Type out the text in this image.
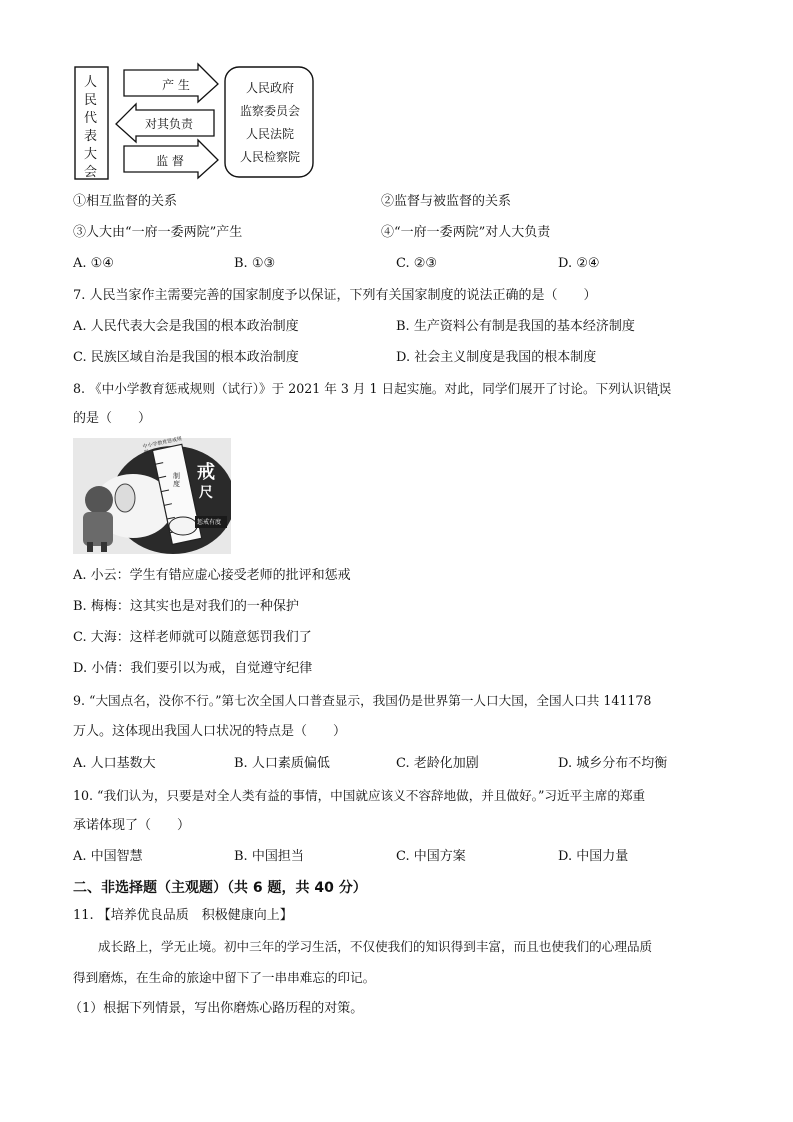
人民代表大会
产 生
对其负责
监 督
人民政府
监察委员会
人民法院
人民检察院
①相互监督的关系	②监督与被监督的关系
③人大由“一府一委两院”产生	④“一府一委两院”对人大负责
A. ①④	B. ①③	C. ②③	D. ②④
7. 人民当家作主需要完善的国家制度予以保证，下列有关国家制度的说法正确的是（　　）
A. 人民代表大会是我国的根本政治制度	B. 生产资料公有制是我国的基本经济制度
C. 民族区域自治是我国的根本政治制度	D. 社会主义制度是我国的根本制度
8. 《中小学教育惩戒规则（试行）》于 2021 年 3 月 1 日起实施。对此，同学们展开了讨论。下列认识错误
的是（　　）
中小学教育惩戒规则
戒
尺
制度
惩戒有度
A. 小云：学生有错应虚心接受老师的批评和惩戒
B. 梅梅：这其实也是对我们的一种保护
C. 大海：这样老师就可以随意惩罚我们了
D. 小倩：我们要引以为戒，自觉遵守纪律
9. “大国点名，没你不行。”第七次全国人口普查显示，我国仍是世界第一人口大国，全国人口共 141178
万人。这体现出我国人口状况的特点是（　　）
A. 人口基数大	B. 人口素质偏低	C. 老龄化加剧	D. 城乡分布不均衡
10. “我们认为，只要是对全人类有益的事情，中国就应该义不容辞地做，并且做好。”习近平主席的郑重
承诺体现了（　　）
A. 中国智慧	B. 中国担当	C. 中国方案	D. 中国力量
二、非选择题（主观题）（共 6 题，共 40 分）
11. 【培养优良品质　积极健康向上】
成长路上，学无止境。初中三年的学习生活，不仅使我们的知识得到丰富，而且也使我们的心理品质
得到磨炼，在生命的旅途中留下了一串串难忘的印记。
（1）根据下列情景，写出你磨炼心路历程的对策。
